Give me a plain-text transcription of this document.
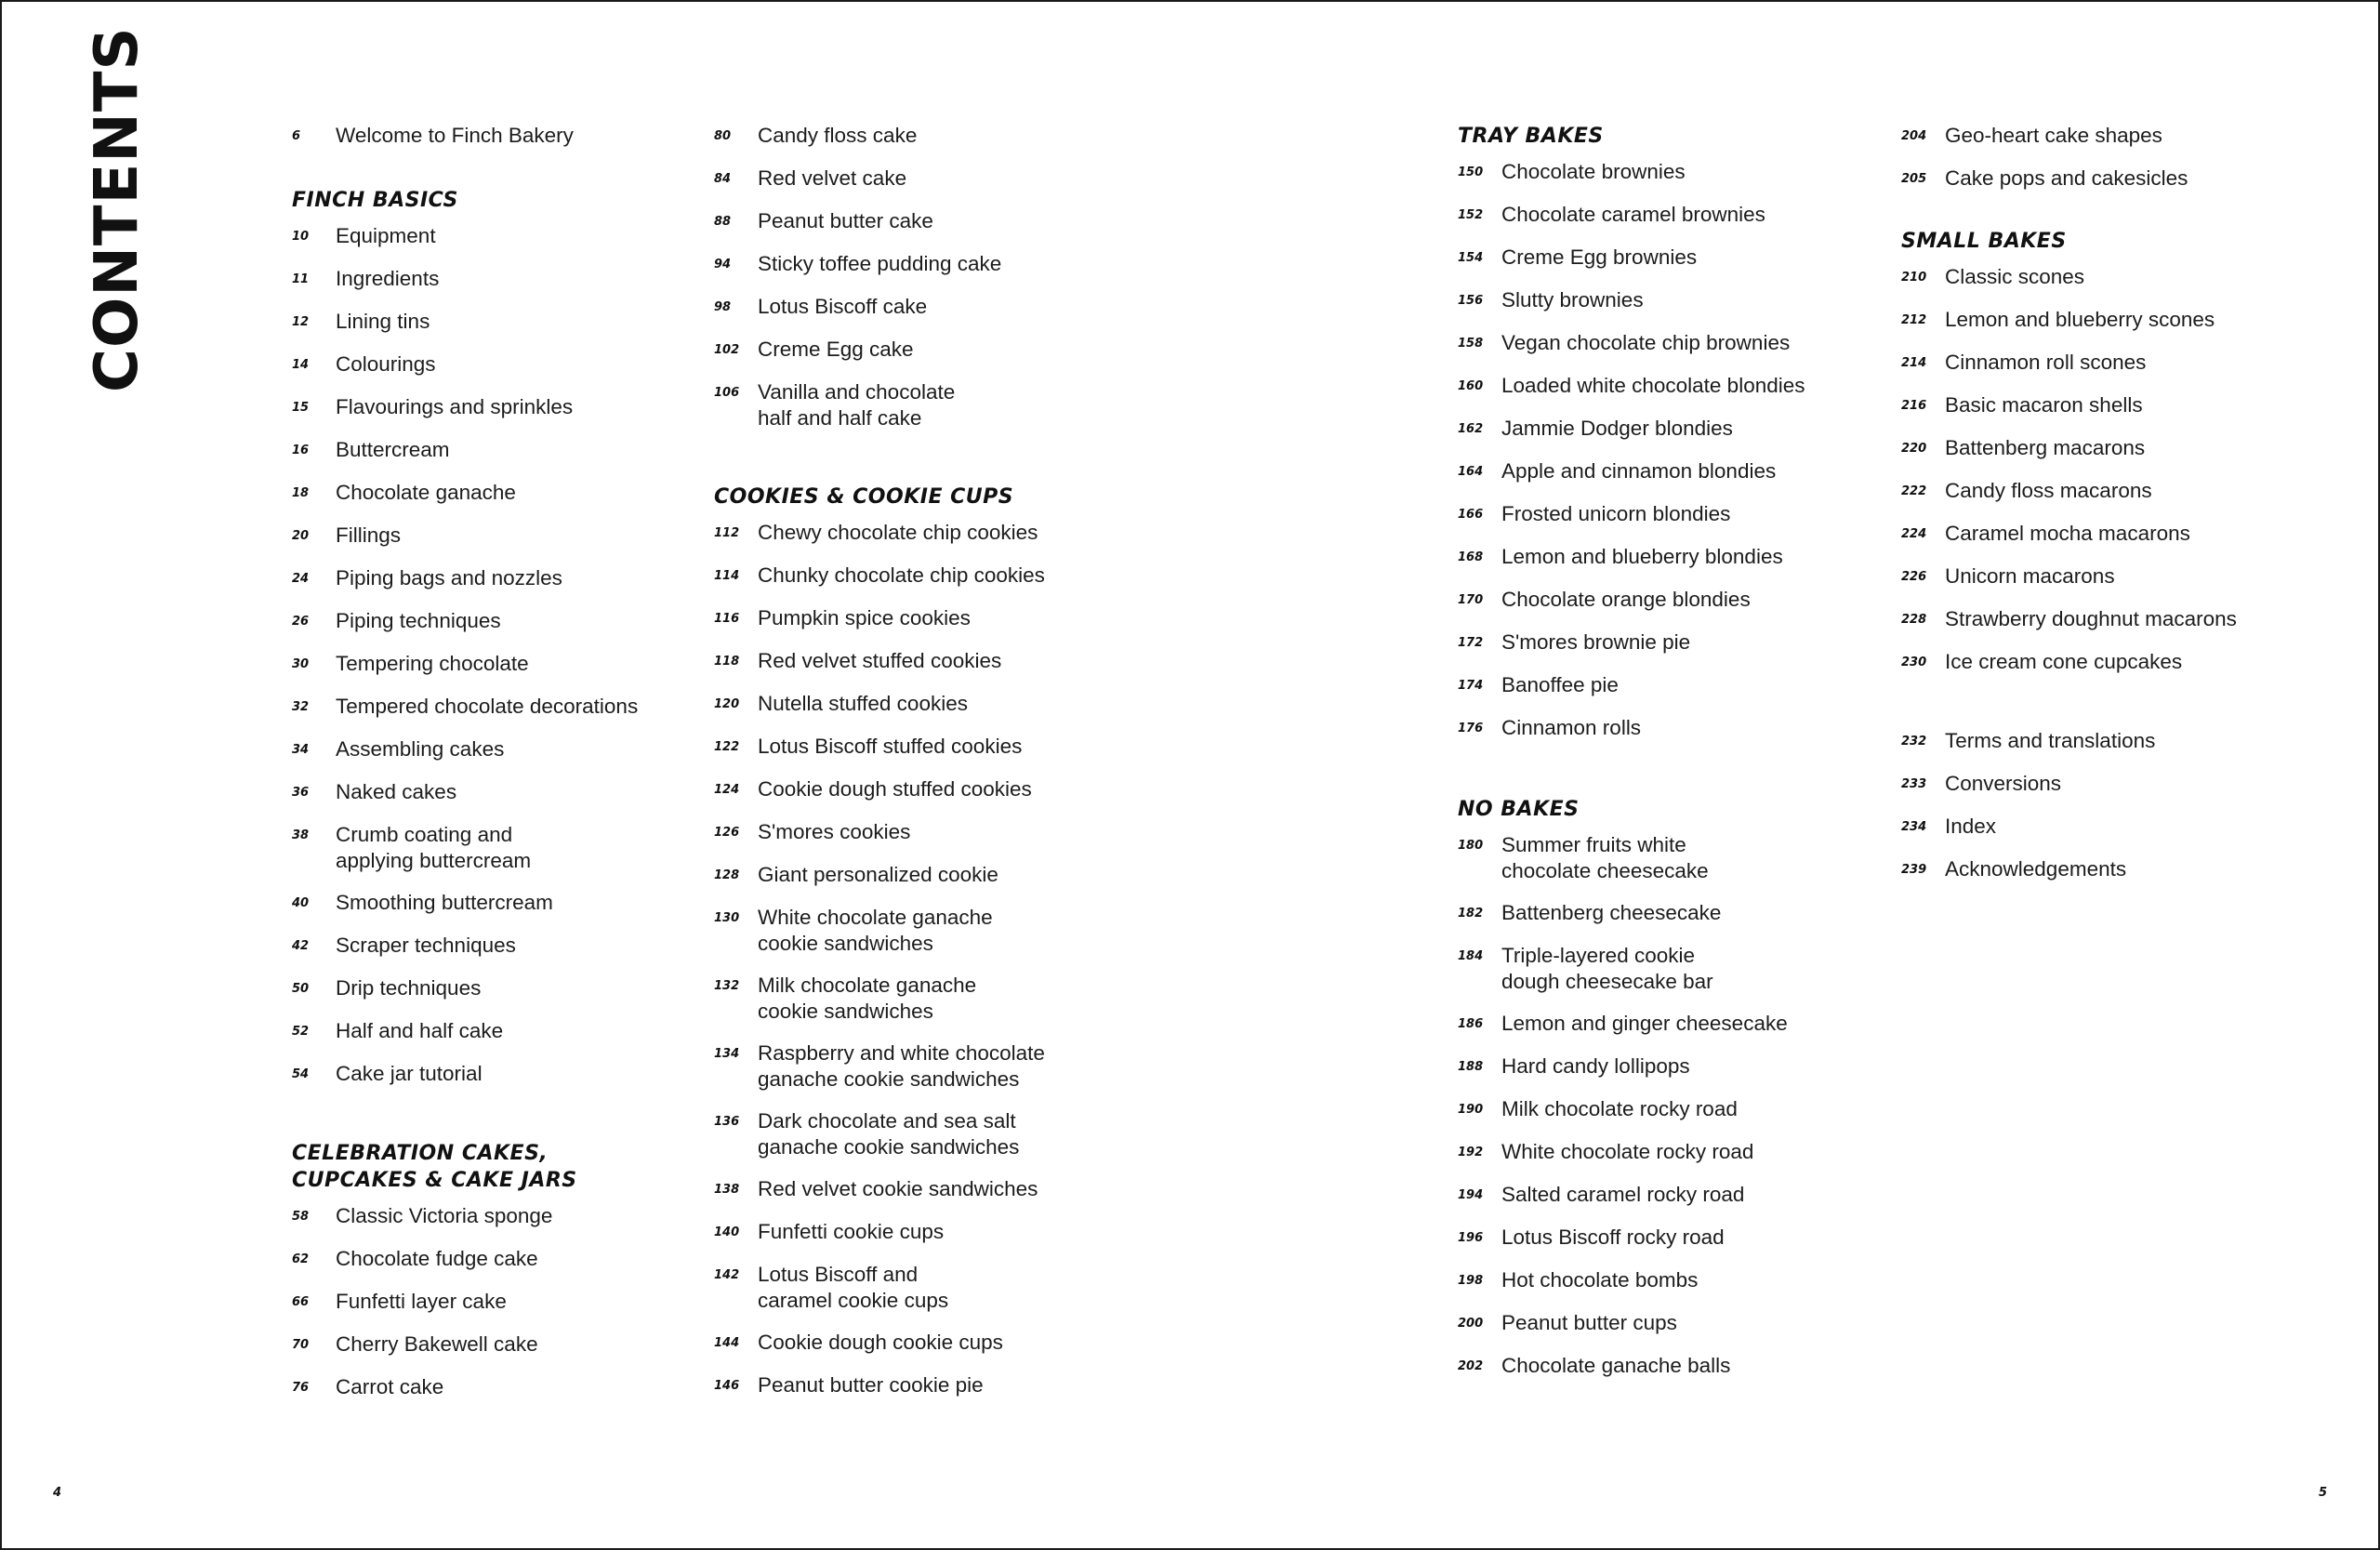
CONTENTS	6	Welcome to Finch Bakery
FINCH BASICS
10	Equipment
11	Ingredients
12	Lining tins
14	Colourings
15	Flavourings and sprinkles
16	Buttercream
18	Chocolate ganache
20	Fillings
24	Piping bags and nozzles
26	Piping techniques
30	Tempering chocolate
32	Tempered chocolate decorations
34	Assembling cakes
36	Naked cakes
38	Crumb coating and
applying buttercream
40	Smoothing buttercream
42	Scraper techniques
50	Drip techniques
52	Half and half cake
54	Cake jar tutorial
CELEBRATION CAKES,
CUPCAKES & CAKE JARS
58	Classic Victoria sponge
62	Chocolate fudge cake
66	Funfetti layer cake
70	Cherry Bakewell cake
76	Carrot cake
80	Candy floss cake
84	Red velvet cake
88	Peanut butter cake
94	Sticky toffee pudding cake
98	Lotus Biscoff cake
102 Creme Egg cake
106 Vanilla and chocolate
half and half cake
COOKIES & COOKIE CUPS
112 Chewy chocolate chip cookies
114 Chunky chocolate chip cookies
116 Pumpkin spice cookies
118 Red velvet stuffed cookies
120 Nutella stuffed cookies
122 Lotus Biscoff stuffed cookies
124 Cookie dough stuffed cookies
126 S'mores cookies
128 Giant personalized cookie
130 White chocolate ganache
cookie sandwiches
132 Milk chocolate ganache
cookie sandwiches
134 Raspberry and white chocolate
ganache cookie sandwiches
136 Dark chocolate and sea salt
ganache cookie sandwiches
138 Red velvet cookie sandwiches
140 Funfetti cookie cups
142 Lotus Biscoff and
caramel cookie cups
144 Cookie dough cookie cups
146 Peanut butter cookie pie
TRAY BAKES
150 Chocolate brownies
152 Chocolate caramel brownies
154 Creme Egg brownies
156 Slutty brownies
158 Vegan chocolate chip brownies
160 Loaded white chocolate blondies
162 Jammie Dodger blondies
164 Apple and cinnamon blondies
166 Frosted unicorn blondies
168 Lemon and blueberry blondies
170 Chocolate orange blondies
172 S'mores brownie pie
174 Banoffee pie
176 Cinnamon rolls
NO BAKES
180 Summer fruits white
chocolate cheesecake
182 Battenberg cheesecake
184 Triple-layered cookie
dough cheesecake bar
186 Lemon and ginger cheesecake
188 Hard candy lollipops
190 Milk chocolate rocky road
192 White chocolate rocky road
194 Salted caramel rocky road
196 Lotus Biscoff rocky road
198 Hot chocolate bombs
200 Peanut butter cups
202 Chocolate ganache balls
204 Geo-heart cake shapes
205 Cake pops and cakesicles
SMALL BAKES
210 Classic scones
212 Lemon and blueberry scones
214 Cinnamon roll scones
216 Basic macaron shells
220 Battenberg macarons
222 Candy floss macarons
224 Caramel mocha macarons
226 Unicorn macarons
228 Strawberry doughnut macarons
230 Ice cream cone cupcakes
232 Terms and translations
233 Conversions
234 Index
239 Acknowledgements
4	5
